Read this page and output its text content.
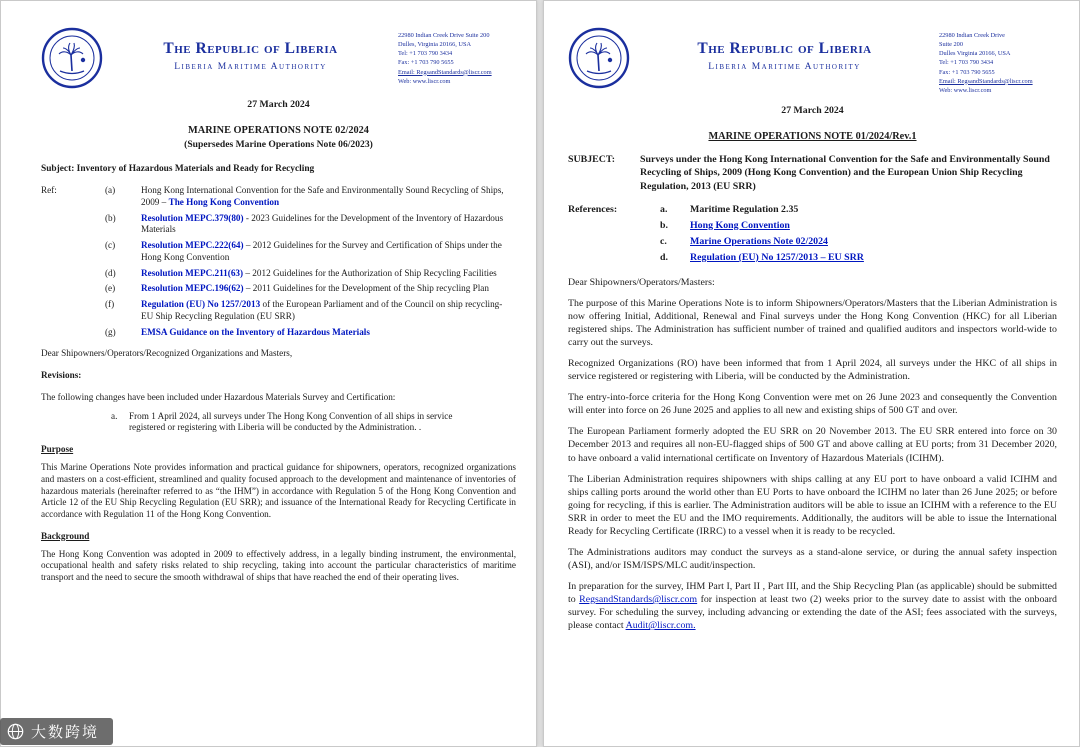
The Republic of Liberia
Liberia Maritime Authority
22980 Indian Creek Drive Suite 200
Dulles, Virginia 20166, USA
Tel: +1 703 790 3434
Fax: +1 703 790 5655
Email: RegsandStandards@liscr.com
Web: www.liscr.com
27 March 2024
MARINE OPERATIONS NOTE 02/2024
(Supersedes Marine Operations Note 06/2023)
Subject: Inventory of Hazardous Materials and Ready for Recycling
Ref:	(a)	Hong Kong International Convention for the Safe and Environmentally Sound Recycling of Ships, 2009 – The Hong Kong Convention
(b)	Resolution MEPC.379(80) - 2023 Guidelines for the Development of the Inventory of Hazardous Materials
(c)	Resolution MEPC.222(64) – 2012 Guidelines for the Survey and Certification of Ships under the Hong Kong Convention
(d)	Resolution MEPC.211(63) – 2012 Guidelines for the Authorization of Ship Recycling Facilities
(e)	Resolution MEPC.196(62) – 2011 Guidelines for the Development of the Ship recycling Plan
(f)	Regulation (EU) No 1257/2013 of the European Parliament and of the Council on ship recycling- EU Ship Recycling Regulation (EU SRR)
(g)	EMSA Guidance on the Inventory of Hazardous Materials
Dear Shipowners/Operators/Recognized Organizations and Masters,
Revisions:
The following changes have been included under Hazardous Materials Survey and Certification:
a.	From 1 April 2024, all surveys under The Hong Kong Convention of all ships in service registered or registering with Liberia will be conducted by the Administration. .
Purpose
This Marine Operations Note provides information and practical guidance for shipowners, operators, recognized organizations and masters on a cost-efficient, streamlined and quality focused approach to the development and maintenance of inventories of hazardous materials (hereinafter referred to as “the IHM”) in accordance with Regulation 5 of the Hong Kong Convention and Article 12 of the EU Ship Recycling Regulation (EU SRR); and issuance of the International Ready for Recycling Certificate in accordance with Regulation 11 of the Hong Kong Convention.
Background
The Hong Kong Convention was adopted in 2009 to effectively address, in a legally binding instrument, the environmental, occupational health and safety risks related to ship recycling, taking into account the particular characteristics of maritime transport and the need to secure the smooth withdrawal of ships that have reached the end of their operating lives.
The Republic of Liberia
Liberia Maritime Authority
22980 Indian Creek Drive
Suite 200
Dulles Virginia 20166, USA
Tel: +1 703 790 3434
Fax: +1 703 790 5655
Email: RegsandStandards@liscr.com
Web: www.liscr.com
27 March 2024
MARINE OPERATIONS NOTE 01/2024/Rev.1
SUBJECT:	Surveys under the Hong Kong International Convention for the Safe and Environmentally Sound Recycling of Ships, 2009 (Hong Kong Convention) and the European Union Ship Recycling Regulation, 2013 (EU SRR)
References:	a.	Maritime Regulation 2.35
b.	Hong Kong Convention
c.	Marine Operations Note 02/2024
d.	Regulation (EU) No 1257/2013 – EU SRR
Dear Shipowners/Operators/Masters:
The purpose of this Marine Operations Note is to inform Shipowners/Operators/Masters that the Liberian Administration is now offering Initial, Additional, Renewal and Final surveys under the Hong Kong Convention (HKC) for all Liberian registered ships. The Administration has sufficient number of trained and qualified auditors and inspectors world-wide to carry out the surveys.
Recognized Organizations (RO) have been informed that from 1 April 2024, all surveys under the HKC of all ships in service registered or registering with Liberia, will be conducted by the Administration.
The entry-into-force criteria for the Hong Kong Convention were met on 26 June 2023 and consequently the Convention will enter into force on 26 June 2025 and applies to all new and existing ships of 500 GT and over.
The European Parliament formerly adopted the EU SRR on 20 November 2013. The EU SRR entered into force on 30 December 2013 and requires all non-EU-flagged ships of 500 GT and above calling at EU ports; from 31 December 2020, to have onboard a valid international certificate on Inventory of Hazardous Materials (ICIHM).
The Liberian Administration requires shipowners with ships calling at any EU port to have onboard a valid ICIHM and ships calling ports around the world other than EU Ports to have onboard the ICIHM no later than 26 June 2025; or before going for recycling, if this is earlier. The Administration auditors will be able to issue an ICIHM with a reference to the EU SRR in order to meet the EU and the IMO requirements. Additionally, the auditors will be able to issue the International Ready for Recycling Certificate (IRRC) to a vessel when it is ready to be recycled.
The Administrations auditors may conduct the surveys as a stand-alone service, or during the annual safety inspection (ASI), and/or ISM/ISPS/MLC audit/inspection.
In preparation for the survey, IHM Part I, Part II , Part III, and the Ship Recycling Plan (as applicable) should be submitted to RegsandStandards@liscr.com for inspection at least two (2) weeks prior to the survey date to assist with the onboard survey. For scheduling the survey, including advancing or extending the date of the ASI; fees associated with the surveys, please contact Audit@liscr.com.
大数跨境
